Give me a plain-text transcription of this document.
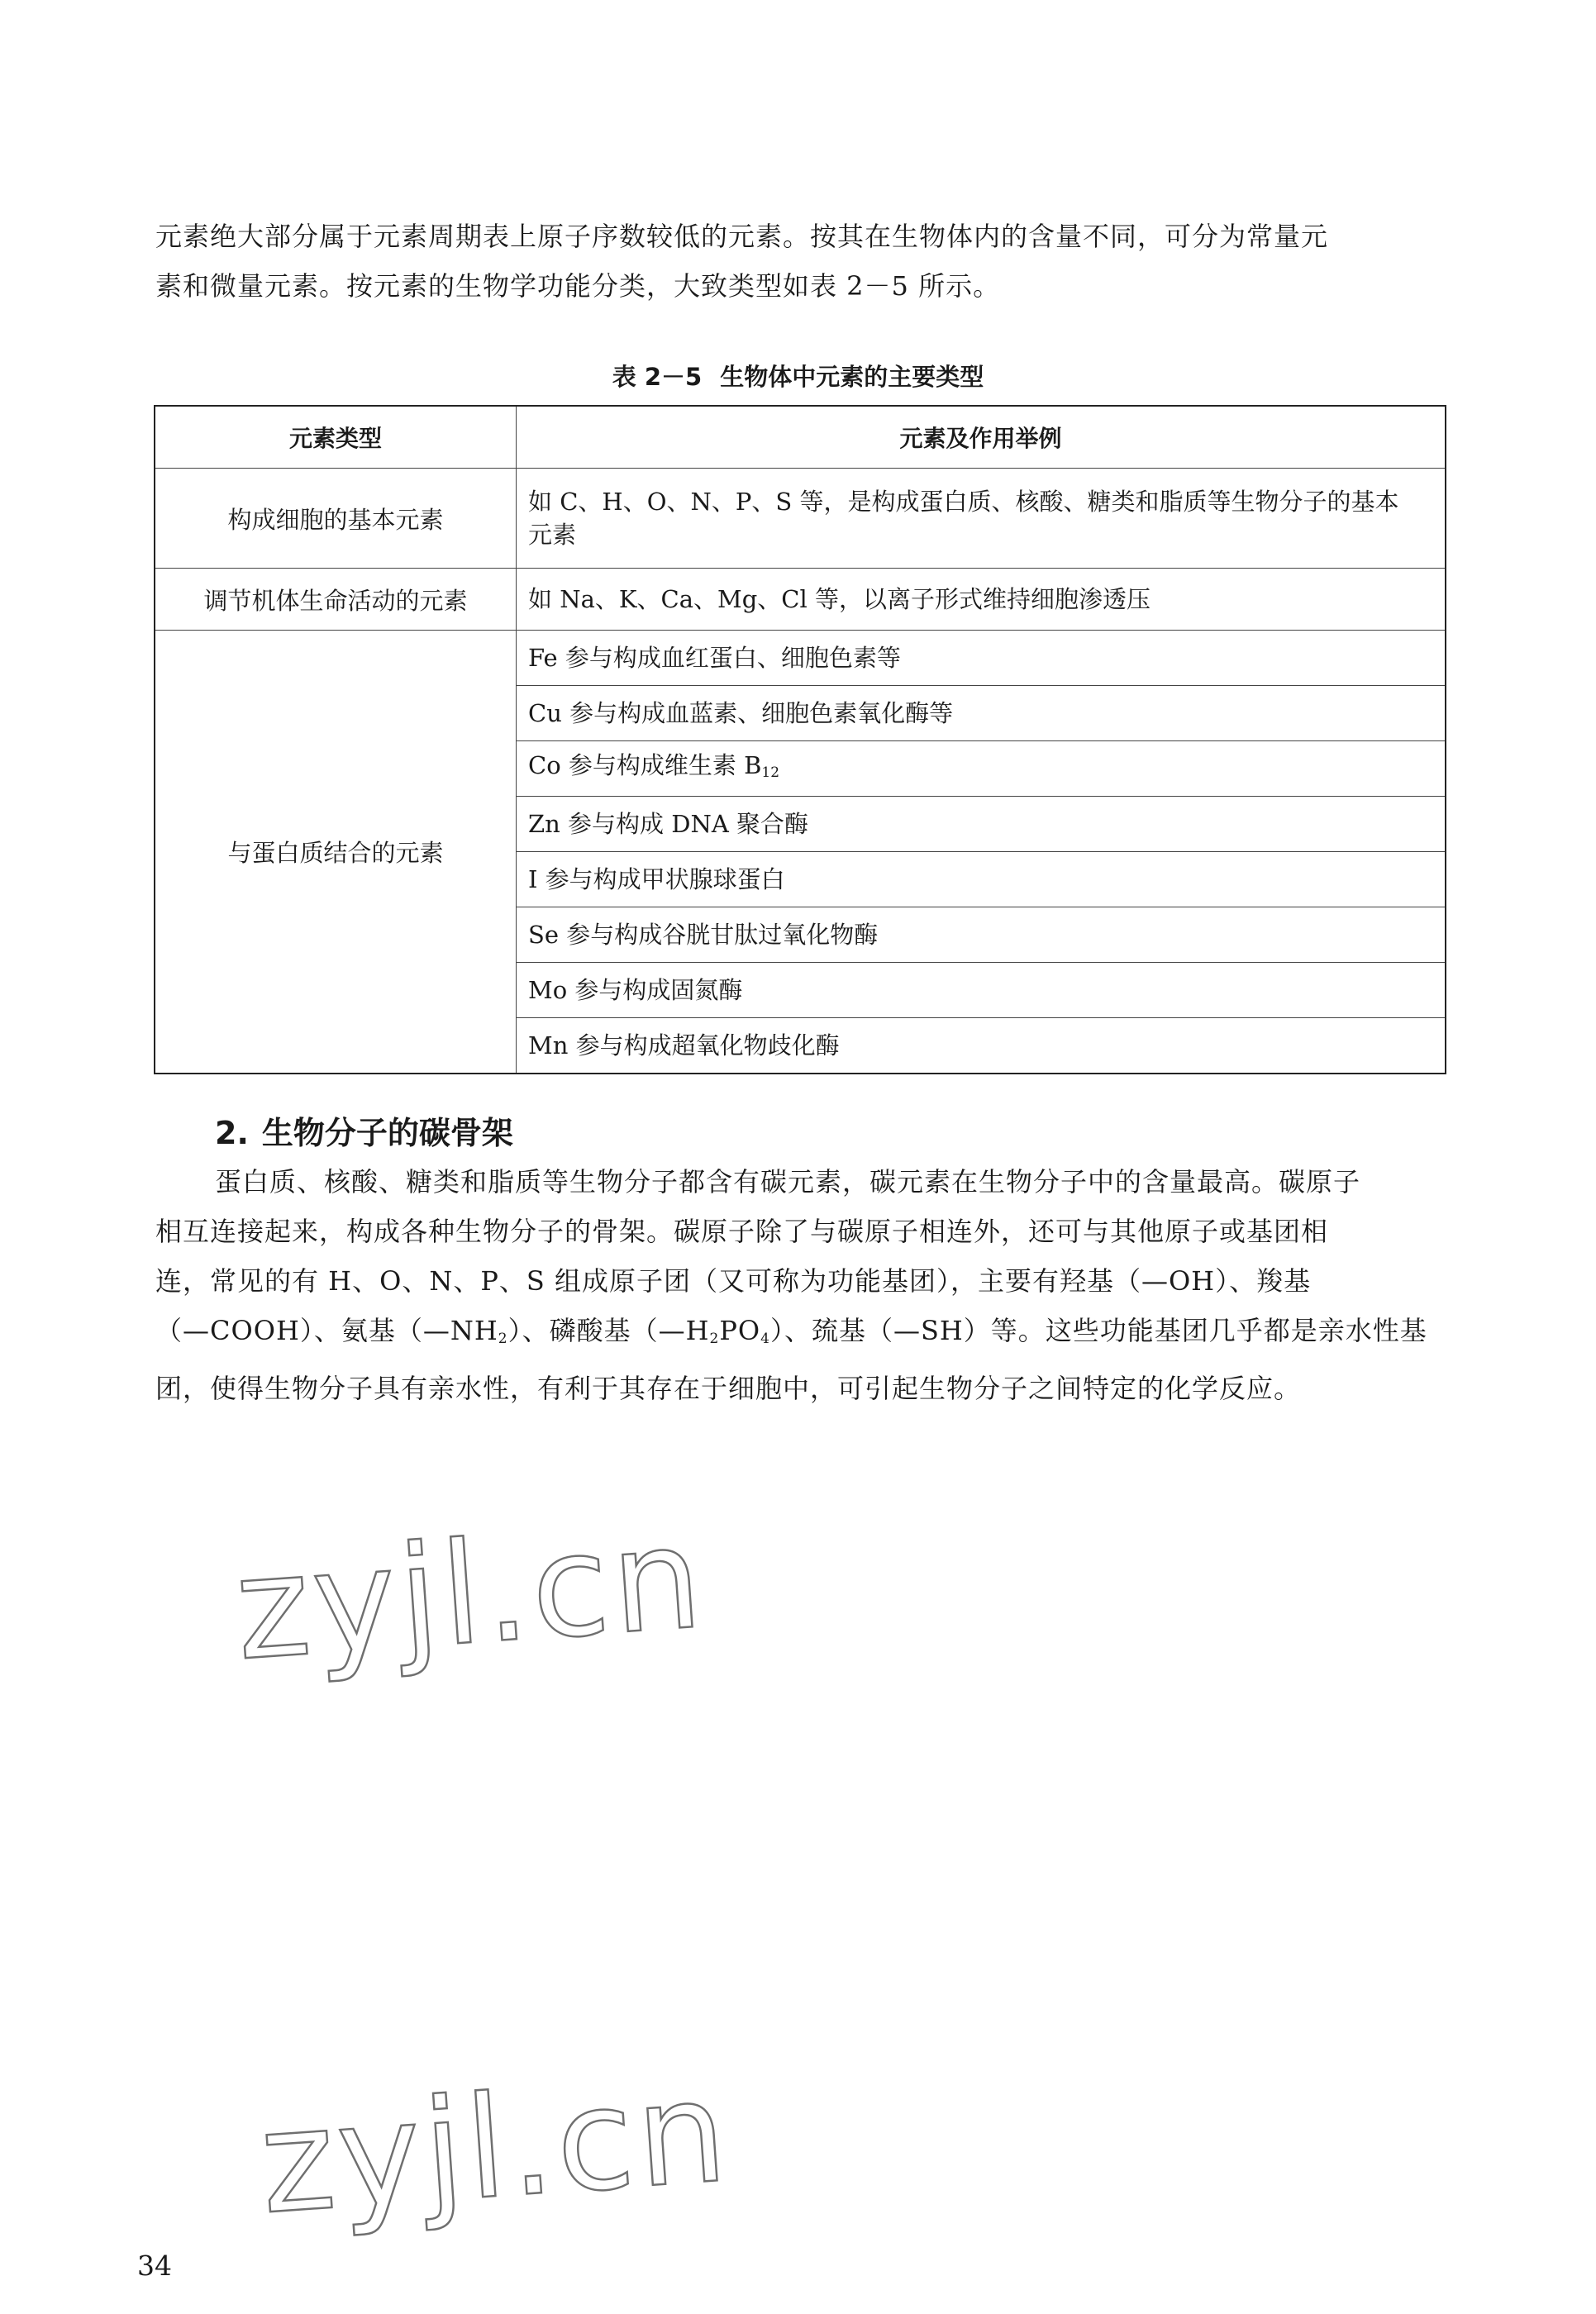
元素绝大部分属于元素周期表上原子序数较低的元素。按其在生物体内的含量不同，可分为常量元
素和微量元素。按元素的生物学功能分类，大致类型如表 2－5 所示。

表 2－5 生物体中元素的主要类型

元素类型	元素及作用举例
构成细胞的基本元素	如 C、H、O、N、P、S 等，是构成蛋白质、核酸、糖类和脂质等生物分子的基本
元素
调节机体生命活动的元素	如 Na、K、Ca、Mg、Cl 等，以离子形式维持细胞渗透压
与蛋白质结合的元素	Fe 参与构成血红蛋白、细胞色素等
	Cu 参与构成血蓝素、细胞色素氧化酶等
	Co 参与构成维生素 $B_{12}$
	Zn 参与构成 DNA 聚合酶
	I 参与构成甲状腺球蛋白
	Se 参与构成谷胱甘肽过氧化物酶
	Mo 参与构成固氮酶
	Mn 参与构成超氧化物歧化酶
2. 生物分子的碳骨架

蛋白质、核酸、糖类和脂质等生物分子都含有碳元素，碳元素在生物分子中的含量最高。碳原子
相互连接起来，构成各种生物分子的骨架。碳原子除了与碳原子相连外，还可与其他原子或基团相
连，常见的有 H、O、N、P、S 组成原子团（又可称为功能基团），主要有羟基（—OH）、羧基
（—COOH）、氨基$(—NH_2)$、磷酸基$(—H_2PO_4)$、巯基（—SH）等。这些功能基团几乎都是亲水性基
团，使得生物分子具有亲水性，有利于其存在于细胞中，可引起生物分子之间特定的化学反应。

zyjl.cn

zyjl.cn

34
